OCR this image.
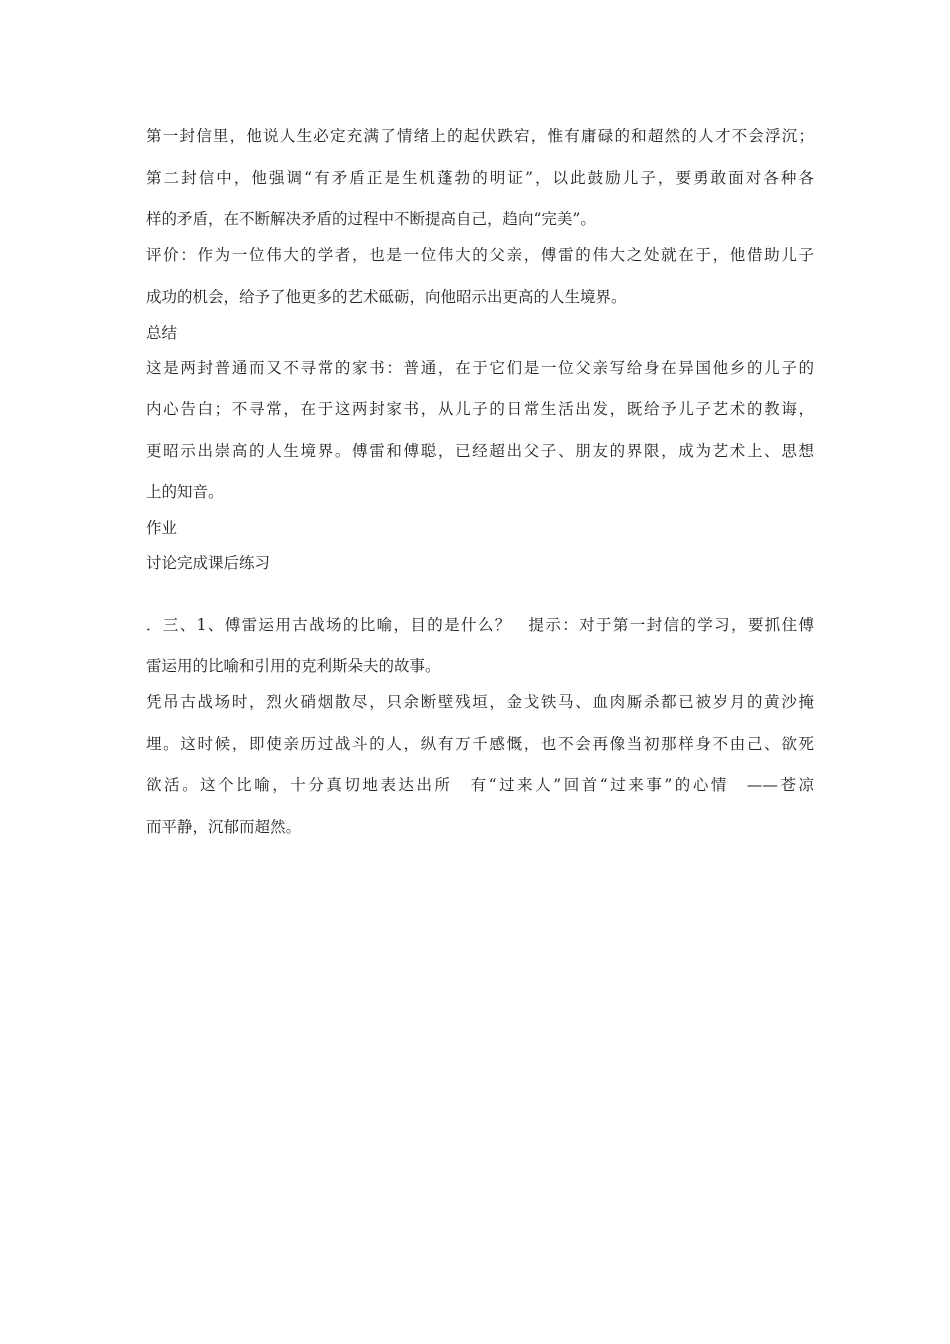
第一封信里，他说人生必定充满了情绪上的起伏跌宕，惟有庸碌的和超然的人才不会浮沉；
第二封信中，他强调“有矛盾正是生机蓬勃的明证”，以此鼓励儿子，要勇敢面对各种各
样的矛盾，在不断解决矛盾的过程中不断提高自己，趋向“完美”。
评价：作为一位伟大的学者，也是一位伟大的父亲，傅雷的伟大之处就在于，他借助儿子
成功的机会，给予了他更多的艺术砥砺，向他昭示出更高的人生境界。
总结
这是两封普通而又不寻常的家书：普通，在于它们是一位父亲写给身在异国他乡的儿子的
内心告白；不寻常，在于这两封家书，从儿子的日常生活出发，既给予儿子艺术的教诲，
更昭示出崇高的人生境界。傅雷和傅聪，已经超出父子、朋友的界限，成为艺术上、思想
上的知音。
作业
讨论完成课后练习
．三、1、傅雷运用古战场的比喻，目的是什么？　提示：对于第一封信的学习，要抓住傅
雷运用的比喻和引用的克利斯朵夫的故事。
凭吊古战场时，烈火硝烟散尽，只余断壁残垣，金戈铁马、血肉厮杀都已被岁月的黄沙掩
埋。这时候，即使亲历过战斗的人，纵有万千感慨，也不会再像当初那样身不由己、欲死
欲活。这个比喻，十分真切地表达出所　有“过来人”回首“过来事”的心情　——苍凉
而平静，沉郁而超然。
